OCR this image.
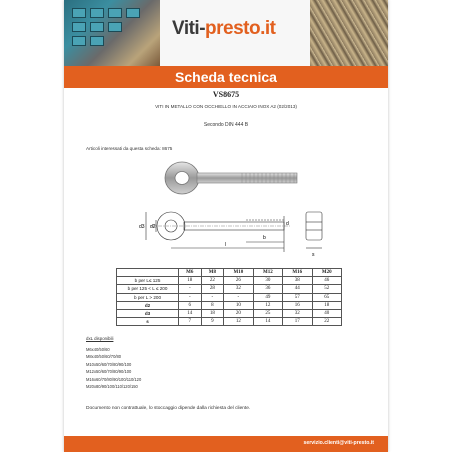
Viti-presto.it
Scheda tecnica
VS8675
VITI IN METALLO CON OCCHIELLO IN ACCIAIO INOX A2 (02/2013)
Secondo DIN 444 B
Articoli interessati da questa scheda: 8675
d3 d2
b
l
d
s
	M6	M8	M10	M12	M16	M20
b per L≤ 125	18	22	26	30	38	46
b per 125 < L ≤ 200	-	28	32	36	44	52
b per L > 200	-	-	-	49	57	65
d2	6	8	10	12	16	18
d3	14	18	20	25	32	40
s	7	9	12	14	17	22
dxL disponibili
M6x40/50/60
M8x40/50/60/70/80
M10x50/60/70/80/90/100
M12x50/60/70/80/90/100
M16x60/70/80/90/100/110/120
M20x80/90/100/110/120/150
Documento non contrattuale, lo stoccaggio dipende dalla richiesta del cliente.
servizio.clienti@viti-presto.it
